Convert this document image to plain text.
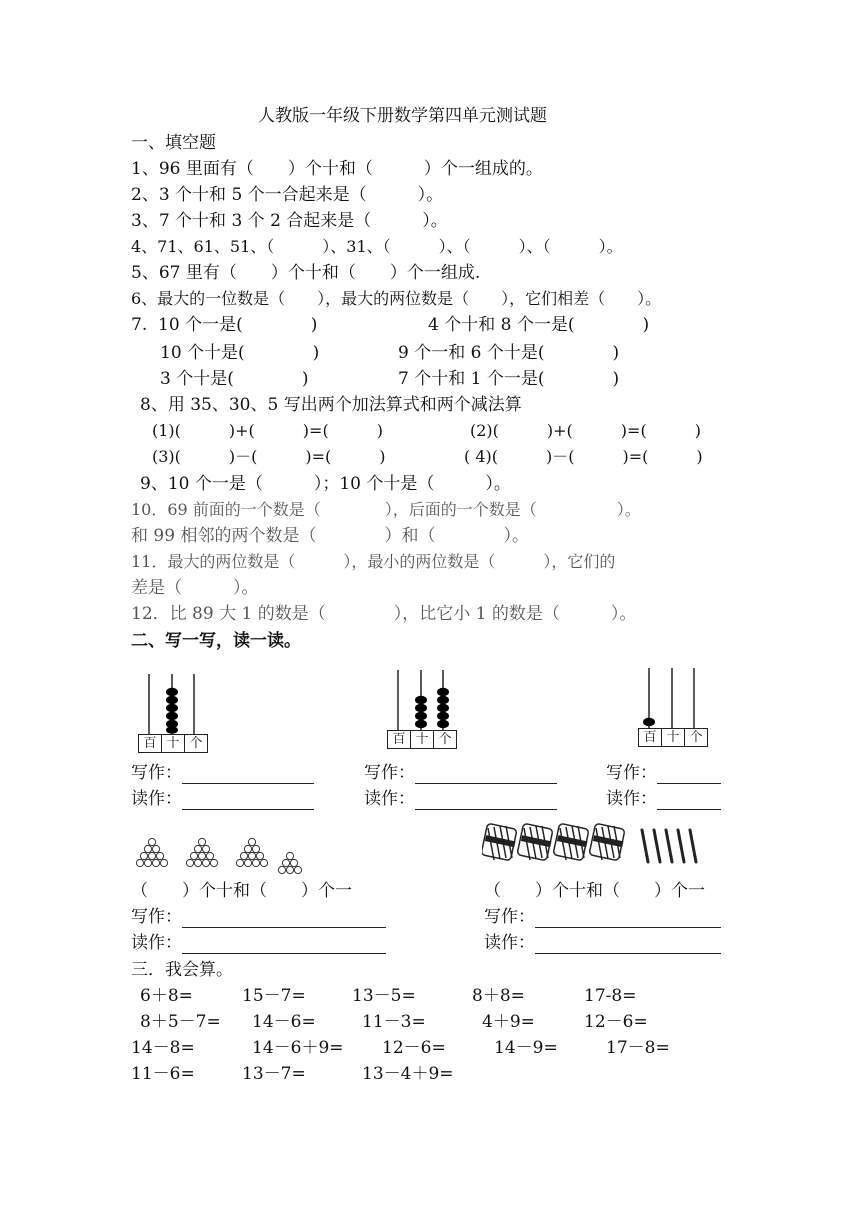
人教版一年级下册数学第四单元测试题
一、填空题
1、96 里面有（　　）个十和（　　　）个一组成的。
2、3 个十和 5 个一合起来是（　　　）。
3、7 个十和 3 个 2 合起来是（　　　）。
4、71、61、51、（　　　）、31、（　　　）、（　　　）、（　　　）。
5、67 里有（　　）个十和（　　）个一组成.
6、最大的一位数是（　　），最大的两位数是（　　），它们相差（　　）。
7.  10 个一是(　　　　)	4 个十和 8 个一是(　　　　)
10 个十是(　　　　)	9 个一和 6 个十是(　　　　)
3 个十是(　　　　)	7 个十和 1 个一是(　　　　)
8、用 35、30、5 写出两个加法算式和两个减法算
(1)(　　　)+(　　　)=(　　　)	(2)(　　　)+(　　　)=(　　　)
(3)(　　　)－(　　　)=(　　　)	( 4)(　　　)－(　　　)=(　　　)
9、10 个一是（　　　）；10 个十是（　　　）。
10．69 前面的一个数是（　　　　），后面的一个数是（　　　　　）。
和 99 相邻的两个数是（　　　　）和（　　　　）。
11．最大的两位数是（　　　），最小的两位数是（　　　），它们的
差是（　　　）。
12．比 89 大 1 的数是（　　　　），比它小 1 的数是（　　　）。
二、写一写，读一读。
百 十 个	百 十 个	百 十 个
写作：
读作：
写作：
读作：
写作：
读作：
（　　）个十和（　　）个一	（　　）个十和（　　）个一
写作：
读作：
写作：
读作：
三．我会算。
6＋8=	15－7=	13－5=	8＋8=	17-8=
8＋5－7= 14－6=	11－3=	4＋9=	12－6=
14－8=	14－6＋9= 12－6=	14－9=	17－8=
11－6=	13－7=	13－4＋9=
